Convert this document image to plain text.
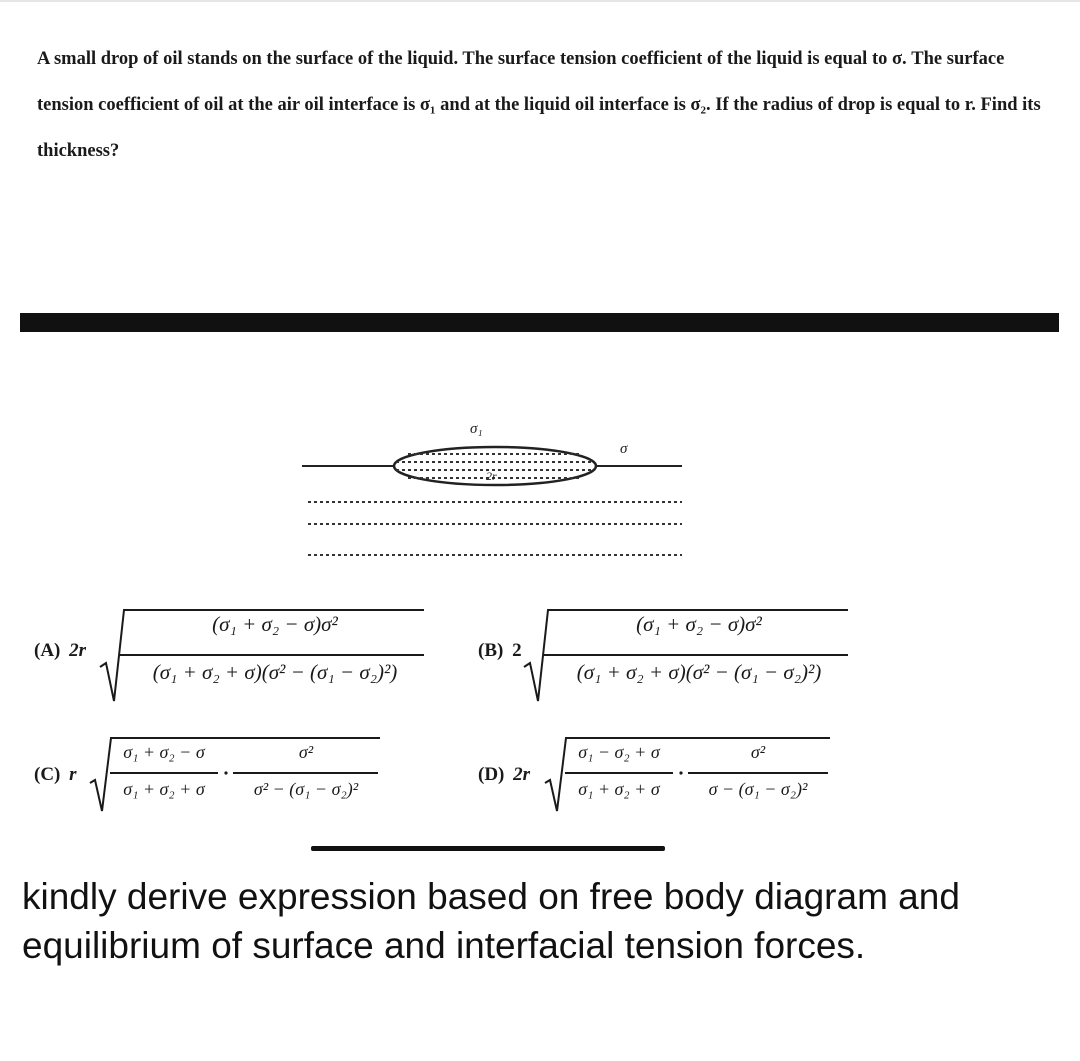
A small drop of oil stands on the surface of the liquid. The surface tension coefficient of the liquid is equal to σ. The surface tension coefficient of oil at the air oil interface is σ₁ and at the liquid oil interface is σ₂. If the radius of drop is equal to r. Find its thickness?

σ₁
σ
2r
(A) 2r
(σ₁ + σ₂ − σ)σ²
(σ₁ + σ₂ + σ)(σ² − (σ₁ − σ₂)²)
(B) 2
(σ₁ + σ₂ − σ)σ²
(σ₁ + σ₂ + σ)(σ² − (σ₁ − σ₂)²)
(C) r
σ₁ + σ₂ − σ
σ₁ + σ₂ + σ
σ²
σ² − (σ₁ − σ₂)²
(D) 2r
σ₁ − σ₂ + σ
σ₁ + σ₂ + σ
σ²
σ − (σ₁ − σ₂)²

kindly derive expression based on free body diagram and equilibrium of surface and interfacial tension forces.
